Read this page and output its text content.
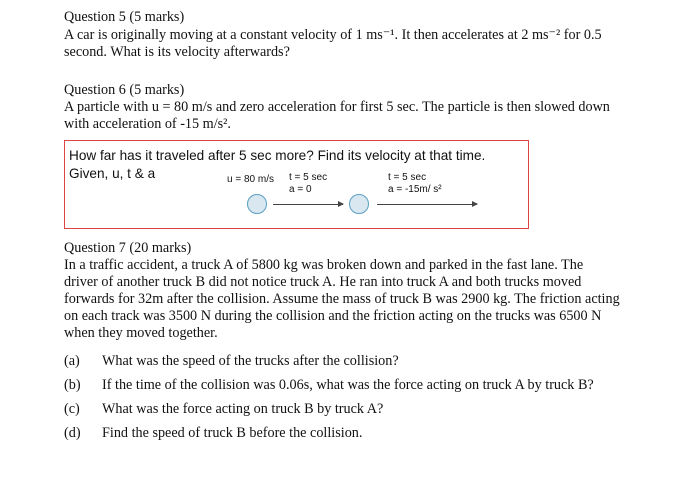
Question 5 (5 marks)
A car is originally moving at a constant velocity of 1 ms⁻¹. It then accelerates at 2 ms⁻² for 0.5
second. What is its velocity afterwards?
Question 6 (5 marks)
A particle with u = 80 m/s and zero acceleration for first 5 sec. The particle is then slowed down
with acceleration of -15 m/s².
How far has it traveled after 5 sec more? Find its velocity at that time.
Given, u, t & a	u = 80 m/s t = 5 sec
a = 0
t = 5 sec
a = -15m/ s²
Question 7 (20 marks)
In a traffic accident, a truck A of 5800 kg was broken down and parked in the fast lane. The
driver of another truck B did not notice truck A. He ran into truck A and both trucks moved
forwards for 32m after the collision. Assume the mass of truck B was 2900 kg. The friction acting
on each track was 3500 N during the collision and the friction acting on the trucks was 6500 N
when they moved together.
(a) What was the speed of the trucks after the collision?
(b) If the time of the collision was 0.06s, what was the force acting on truck A by truck B?
(c) What was the force acting on truck B by truck A?
(d) Find the speed of truck B before the collision.
